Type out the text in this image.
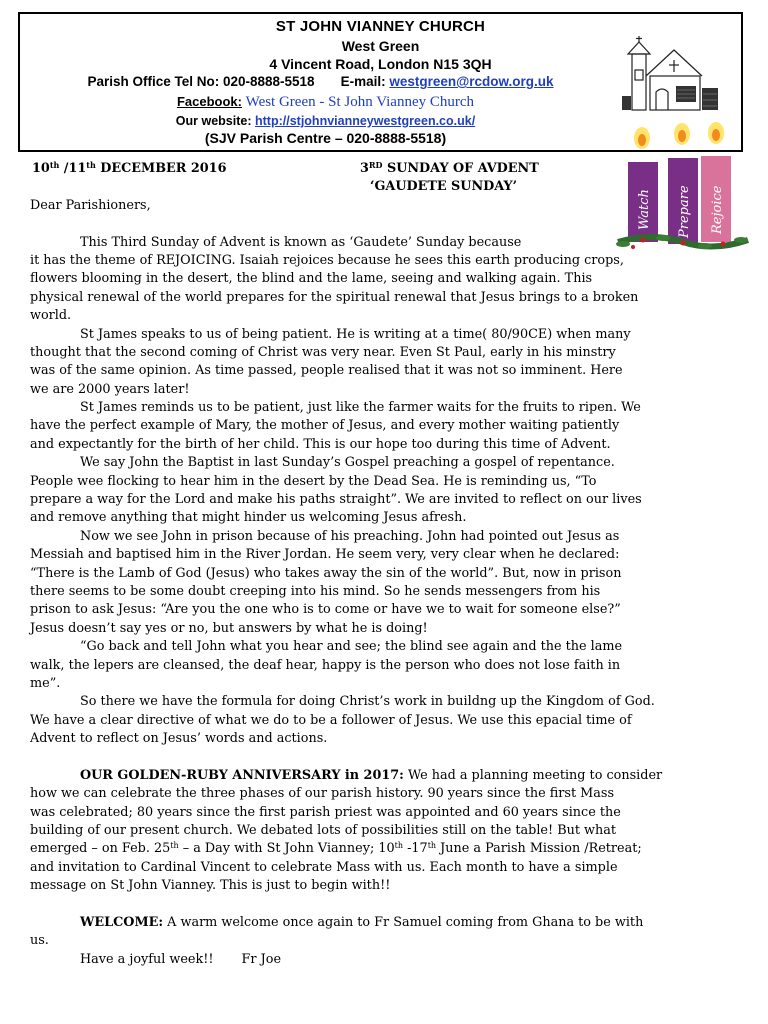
ST JOHN VIANNEY CHURCH
West Green
4 Vincent Road, London N15 3QH
Parish Office Tel No: 020-8888-5518 E-mail: westgreen@rcdow.org.uk
Facebook: West Green - St John Vianney Church
Our website: http://stjohnvianneywestgreen.co.uk/
(SJV Parish Centre – 020-8888-5518)
Watch Prepare Rejoice
10th /11th DECEMBER 2016	3RD SUNDAY OF AVDENT
‘GAUDETE SUNDAY’
Dear Parishioners,
This Third Sunday of Advent is known as ‘Gaudete’ Sunday because
it has the theme of REJOICING. Isaiah rejoices because he sees this earth producing crops,
flowers blooming in the desert, the blind and the lame, seeing and walking again. This
physical renewal of the world prepares for the spiritual renewal that Jesus brings to a broken
world.
St James speaks to us of being patient. He is writing at a time( 80/90CE) when many
thought that the second coming of Christ was very near. Even St Paul, early in his minstry
was of the same opinion. As time passed, people realised that it was not so imminent. Here
we are 2000 years later!
St James reminds us to be patient, just like the farmer waits for the fruits to ripen. We
have the perfect example of Mary, the mother of Jesus, and every mother waiting patiently
and expectantly for the birth of her child. This is our hope too during this time of Advent.
We say John the Baptist in last Sunday’s Gospel preaching a gospel of repentance.
People wee flocking to hear him in the desert by the Dead Sea. He is reminding us, “To
prepare a way for the Lord and make his paths straight”. We are invited to reflect on our lives
and remove anything that might hinder us welcoming Jesus afresh.
Now we see John in prison because of his preaching. John had pointed out Jesus as
Messiah and baptised him in the River Jordan. He seem very, very clear when he declared:
“There is the Lamb of God (Jesus) who takes away the sin of the world”. But, now in prison
there seems to be some doubt creeping into his mind. So he sends messengers from his
prison to ask Jesus: “Are you the one who is to come or have we to wait for someone else?”
Jesus doesn’t say yes or no, but answers by what he is doing!
“Go back and tell John what you hear and see; the blind see again and the the lame
walk, the lepers are cleansed, the deaf hear, happy is the person who does not lose faith in
me”.
So there we have the formula for doing Christ’s work in buildng up the Kingdom of God.
We have a clear directive of what we do to be a follower of Jesus. We use this epacial time of
Advent to reflect on Jesus’ words and actions.
OUR GOLDEN-RUBY ANNIVERSARY in 2017: We had a planning meeting to consider
how we can celebrate the three phases of our parish history. 90 years since the first Mass
was celebrated; 80 years since the first parish priest was appointed and 60 years since the
building of our present church. We debated lots of possibilities still on the table! But what
emerged – on Feb. 25th – a Day with St John Vianney; 10th -17th June a Parish Mission /Retreat;
and invitation to Cardinal Vincent to celebrate Mass with us. Each month to have a simple
message on St John Vianney. This is just to begin with!!
WELCOME: A warm welcome once again to Fr Samuel coming from Ghana to be with
us.
Have a joyful week!! Fr Joe
